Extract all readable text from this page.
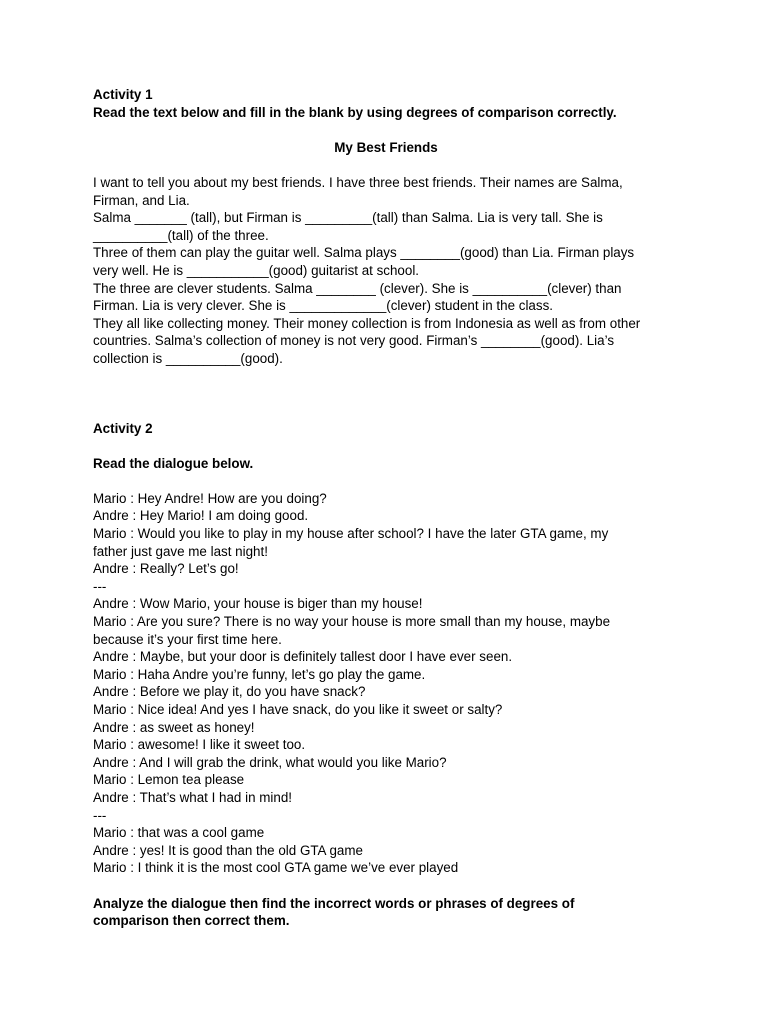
Activity 1
Read the text below and fill in the blank by using degrees of comparison correctly.
My Best Friends
I want to tell you about my best friends. I have three best friends. Their names are Salma,
Firman, and Lia.
Salma _______ (tall), but Firman is _________(tall) than Salma. Lia is very tall. She is
__________(tall) of the three.
Three of them can play the guitar well. Salma plays ________(good) than Lia. Firman plays
very well. He is ___________(good) guitarist at school.
The three are clever students. Salma ________ (clever). She is __________(clever) than
Firman. Lia is very clever. She is _____________(clever) student in the class.
They all like collecting money. Their money collection is from Indonesia as well as from other
countries. Salma’s collection of money is not very good. Firman’s ________(good). Lia’s
collection is __________(good).
Activity 2
Read the dialogue below.
Mario : Hey Andre! How are you doing?
Andre : Hey Mario! I am doing good.
Mario : Would you like to play in my house after school? I have the later GTA game, my
father just gave me last night!
Andre : Really? Let’s go!
---
Andre : Wow Mario, your house is biger than my house!
Mario : Are you sure? There is no way your house is more small than my house, maybe
because it’s your first time here.
Andre : Maybe, but your door is definitely tallest door I have ever seen.
Mario : Haha Andre you’re funny, let’s go play the game.
Andre : Before we play it, do you have snack?
Mario : Nice idea! And yes I have snack, do you like it sweet or salty?
Andre : as sweet as honey!
Mario : awesome! I like it sweet too.
Andre : And I will grab the drink, what would you like Mario?
Mario : Lemon tea please
Andre : That’s what I had in mind!
---
Mario : that was a cool game
Andre : yes! It is good than the old GTA game
Mario : I think it is the most cool GTA game we’ve ever played
Analyze the dialogue then find the incorrect words or phrases of degrees of
comparison then correct them.
